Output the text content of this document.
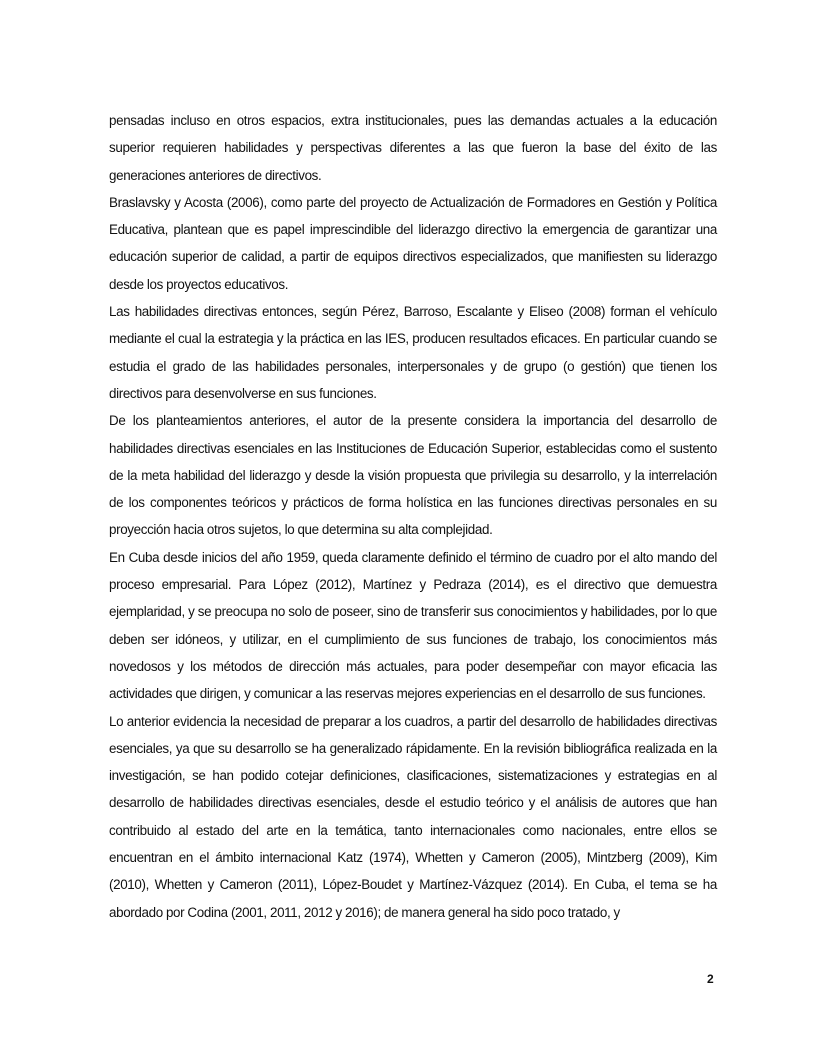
pensadas incluso en otros espacios, extra institucionales, pues las demandas actuales a la educación superior requieren habilidades y perspectivas diferentes a las que fueron la base del éxito de las generaciones anteriores de directivos.

Braslavsky y Acosta (2006), como parte del proyecto de Actualización de Formadores en Gestión y Política Educativa, plantean que es papel imprescindible del liderazgo directivo la emergencia de garantizar una educación superior de calidad, a partir de equipos directivos especializados, que manifiesten su liderazgo desde los proyectos educativos.

Las habilidades directivas entonces, según Pérez, Barroso, Escalante y Eliseo (2008) forman el vehículo mediante el cual la estrategia y la práctica en las IES, producen resultados eficaces. En particular cuando se estudia el grado de las habilidades personales, interpersonales y de grupo (o gestión) que tienen los directivos para desenvolverse en sus funciones.

De los planteamientos anteriores, el autor de la presente considera la importancia del desarrollo de habilidades directivas esenciales en las Instituciones de Educación Superior, establecidas como el sustento de la meta habilidad del liderazgo y desde la visión propuesta que privilegia su desarrollo, y la interrelación de los componentes teóricos y prácticos de forma holística en las funciones directivas personales en su proyección hacia otros sujetos, lo que determina su alta complejidad.

En Cuba desde inicios del año 1959, queda claramente definido el término de cuadro por el alto mando del proceso empresarial. Para López (2012), Martínez y Pedraza (2014), es el directivo que demuestra ejemplaridad, y se preocupa no solo de poseer, sino de transferir sus conocimientos y habilidades, por lo que deben ser idóneos, y utilizar, en el cumplimiento de sus funciones de trabajo, los conocimientos más novedosos y los métodos de dirección más actuales, para poder desempeñar con mayor eficacia las actividades que dirigen, y comunicar a las reservas mejores experiencias en el desarrollo de sus funciones.

Lo anterior evidencia la necesidad de preparar a los cuadros, a partir del desarrollo de habilidades directivas esenciales, ya que su desarrollo se ha generalizado rápidamente. En la revisión bibliográfica realizada en la investigación, se han podido cotejar definiciones, clasificaciones, sistematizaciones y estrategias en al desarrollo de habilidades directivas esenciales, desde el estudio teórico y el análisis de autores que han contribuido al estado del arte en la temática, tanto internacionales como nacionales, entre ellos se encuentran en el ámbito internacional Katz (1974), Whetten y Cameron (2005), Mintzberg (2009), Kim (2010), Whetten y Cameron (2011), López-Boudet y Martínez-Vázquez (2014). En Cuba, el tema se ha abordado por Codina (2001, 2011, 2012 y 2016); de manera general ha sido poco tratado, y

2
